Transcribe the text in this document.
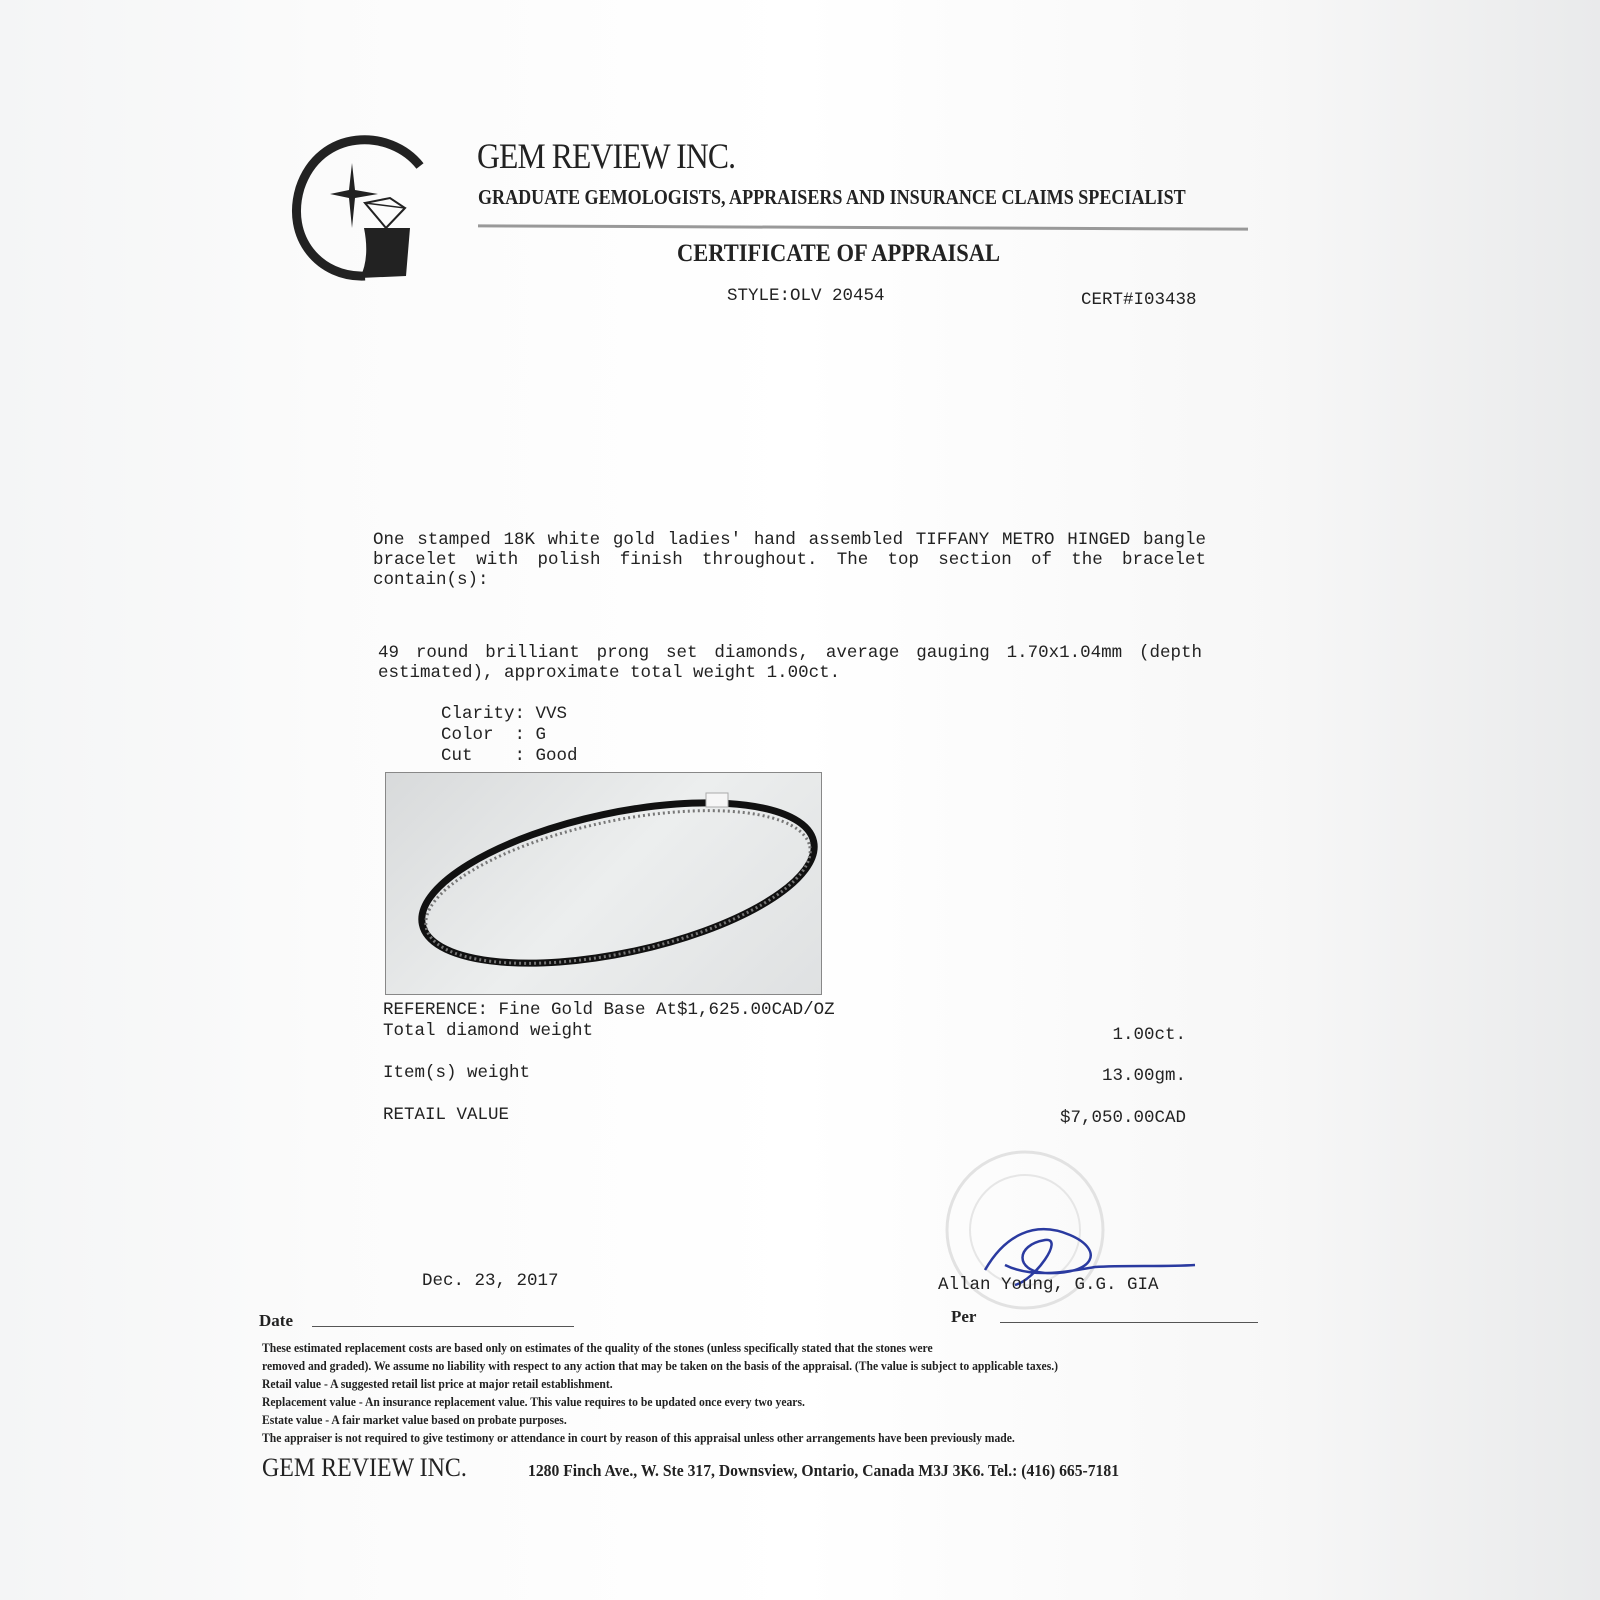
GEM REVIEW INC.
GRADUATE GEMOLOGISTS, APPRAISERS AND INSURANCE CLAIMS SPECIALIST
CERTIFICATE OF APPRAISAL
STYLE:OLV 20454	CERT#I03438
One stamped 18K white gold ladies' hand assembled TIFFANY METRO HINGED bangle bracelet with polish finish throughout. The top section of the bracelet contain(s):
49 round brilliant prong set diamonds, average gauging 1.70x1.04mm (depth estimated), approximate total weight 1.00ct.
Clarity: VVS
Color  : G
Cut    : Good
REFERENCE: Fine Gold Base At$1,625.00CAD/OZ
Total diamond weight	1.00ct.
Item(s) weight	13.00gm.
RETAIL VALUE	$7,050.00CAD
Dec. 23, 2017	Allan Young, G.G. GIA
Date	Per
These estimated replacement costs are based only on estimates of the quality of the stones (unless specifically stated that the stones were
removed and graded). We assume no liability with respect to any action that may be taken on the basis of the appraisal. (The value is subject to applicable taxes.)
Retail value - A suggested retail list price at major retail establishment.
Replacement value - An insurance replacement value. This value requires to be updated once every two years.
Estate value - A fair market value based on probate purposes.
The appraiser is not required to give testimony or attendance in court by reason of this appraisal unless other arrangements have been previously made.
GEM REVIEW INC.	1280 Finch Ave., W. Ste 317, Downsview, Ontario, Canada M3J 3K6. Tel.: (416) 665-7181
